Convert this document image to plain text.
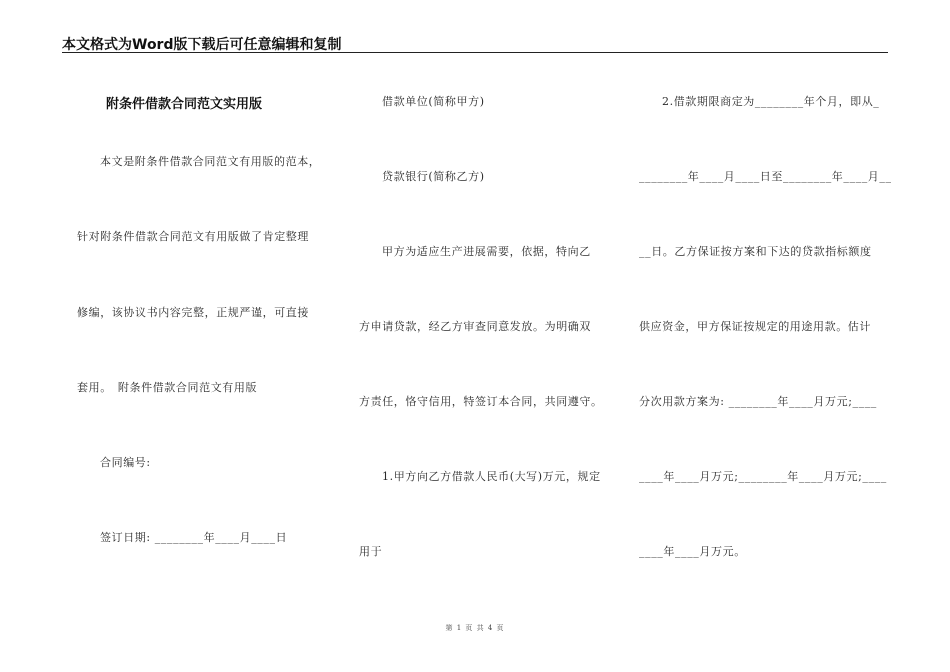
本文格式为Word版下载后可任意编辑和复制
附条件借款合同范文实用版
本文是附条件借款合同范文有用版的范本，
针对附条件借款合同范文有用版做了肯定整理
修编，该协议书内容完整，正规严谨，可直接
套用。　附条件借款合同范文有用版
合同编号:
签订日期: ________年____月____日
借款单位(简称甲方)
贷款银行(简称乙方)
甲方为适应生产进展需要，依据，特向乙
方申请贷款，经乙方审查同意发放。为明确双
方责任，恪守信用，特签订本合同，共同遵守。
1.甲方向乙方借款人民币(大写)万元，规定
用于
2.借款期限商定为________年个月，即从_
________年____月____日至________年____月__
__日。乙方保证按方案和下达的贷款指标额度
供应资金，甲方保证按规定的用途用款。估计
分次用款方案为: ________年____月万元;____
____年____月万元;________年____月万元;____
____年____月万元。
第 1 页 共 4 页
